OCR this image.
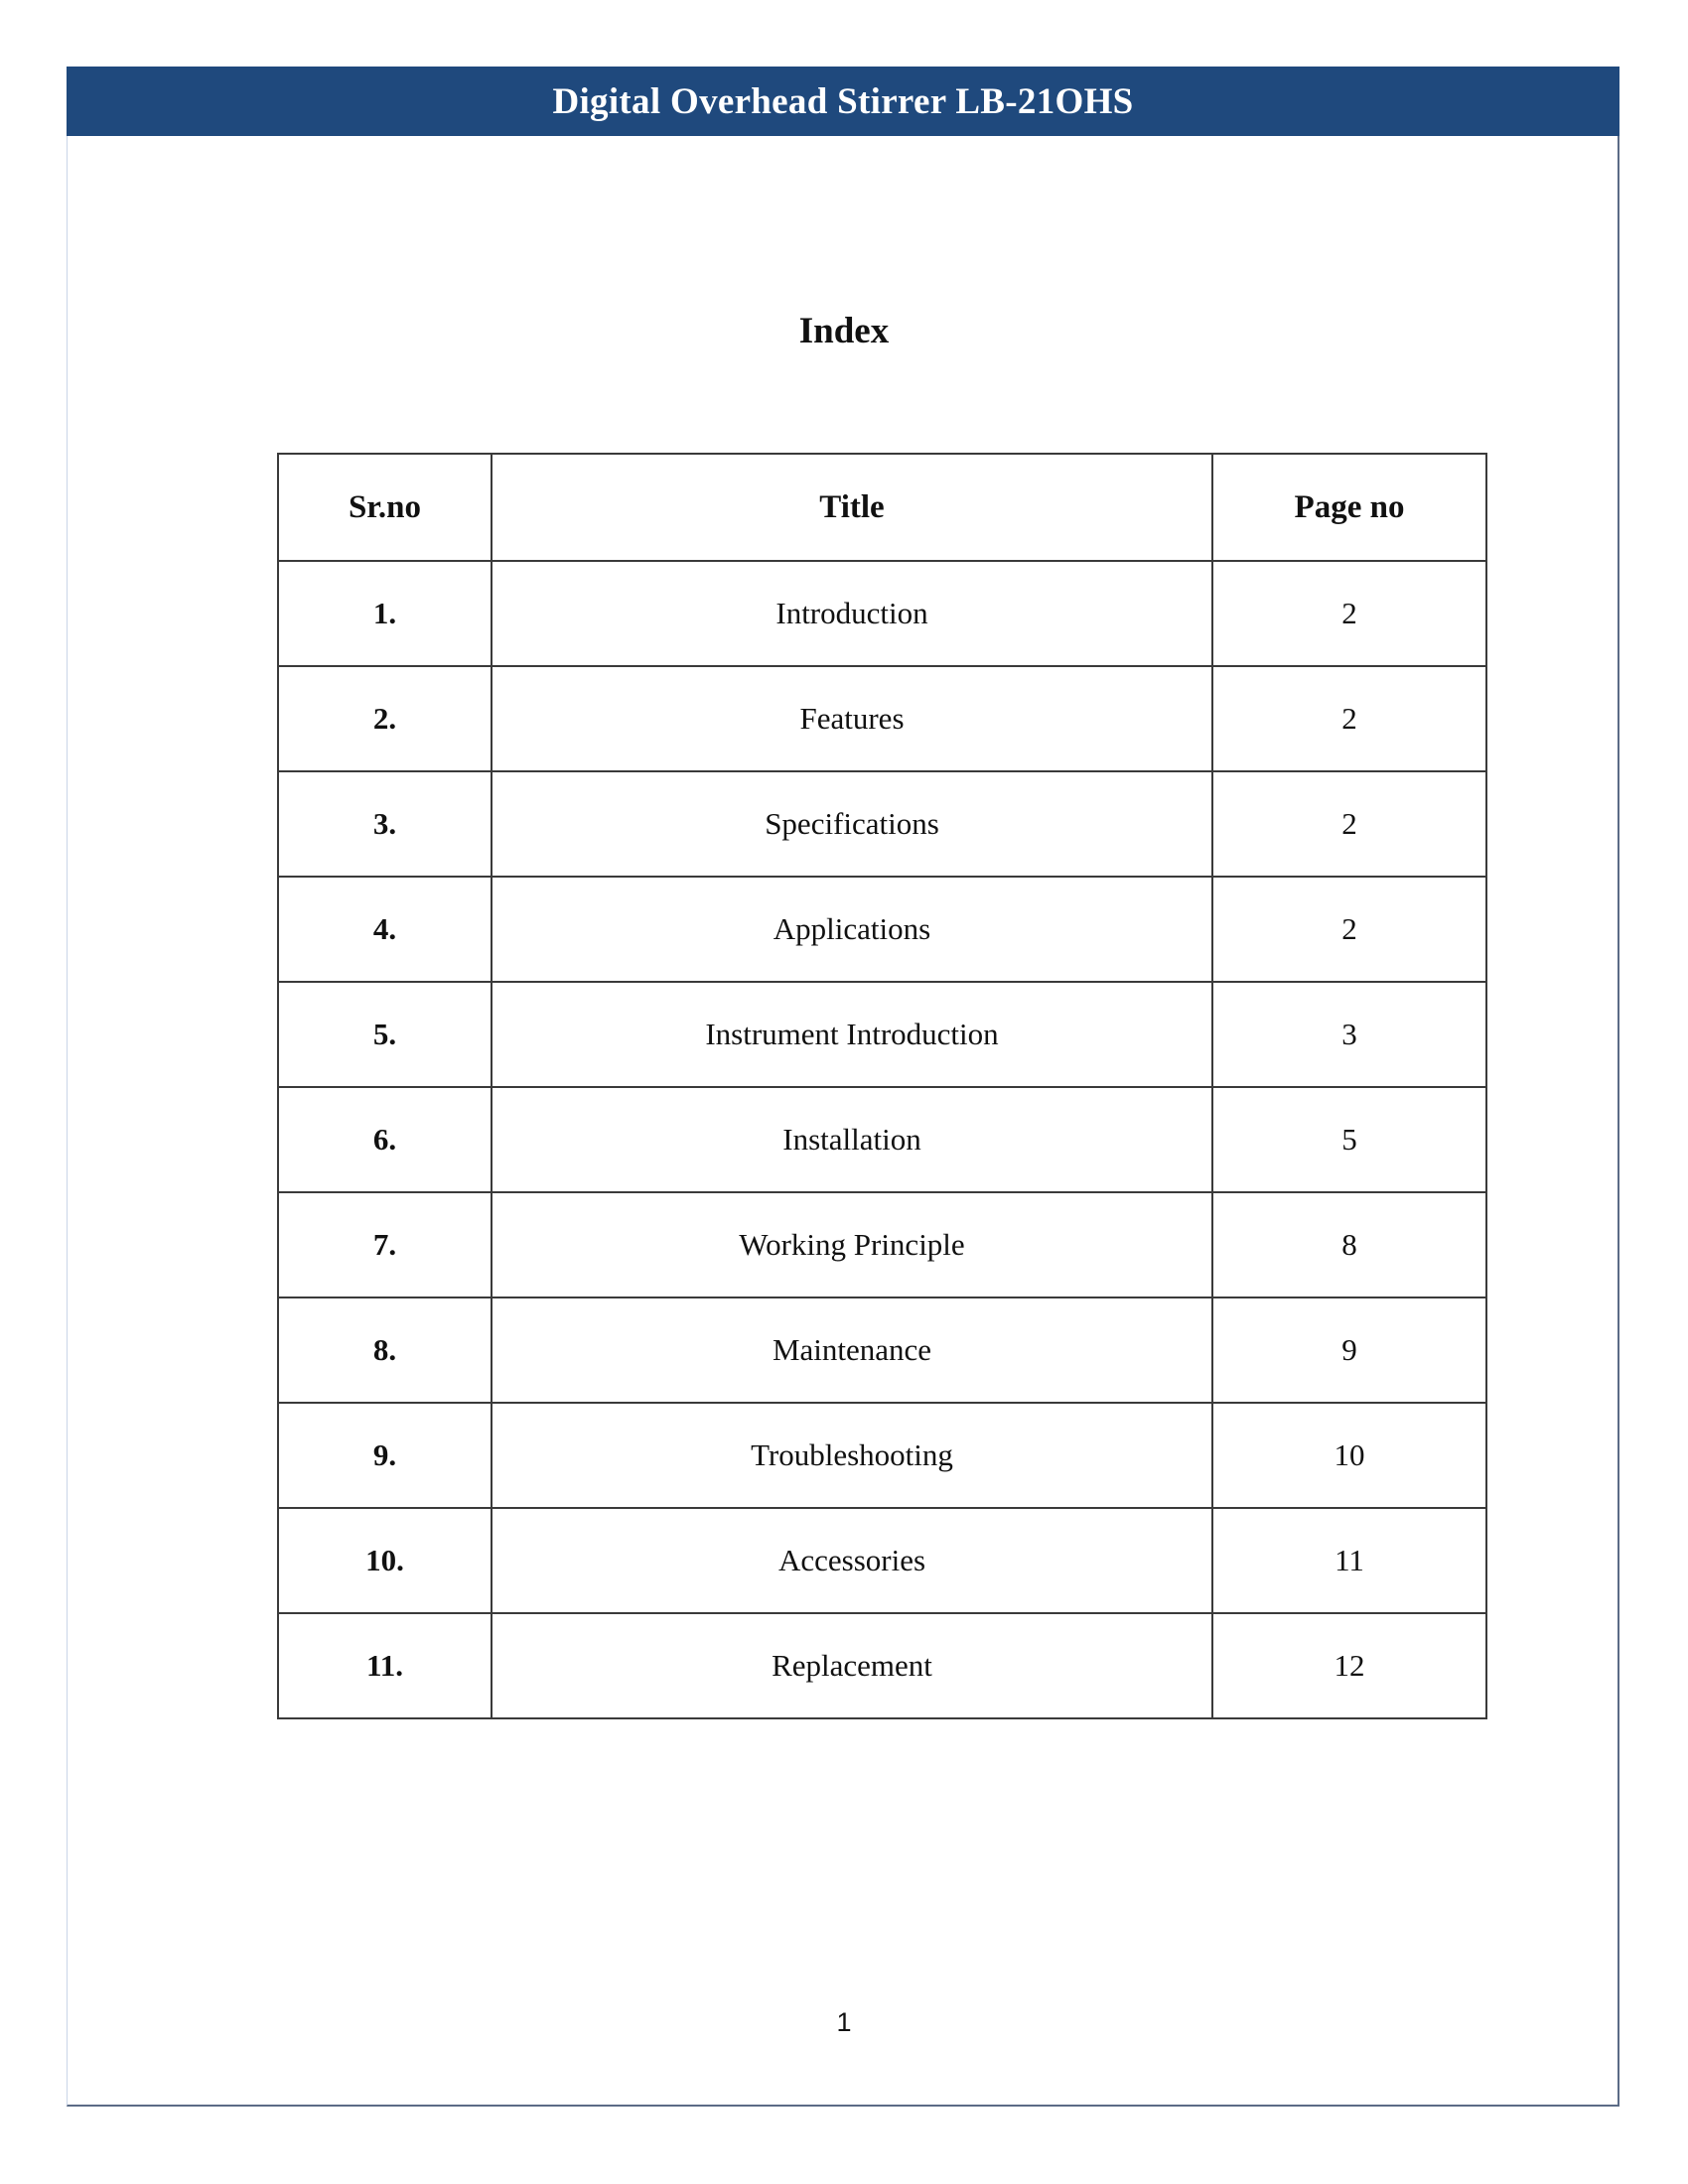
Digital Overhead Stirrer LB-21OHS
Index
Sr.no	Title	Page no
1.	Introduction	2
2.	Features	2
3.	Specifications	2
4.	Applications	2
5.	Instrument Introduction	3
6.	Installation	5
7.	Working Principle	8
8.	Maintenance	9
9.	Troubleshooting	10
10.	Accessories	11
11.	Replacement	12
1
